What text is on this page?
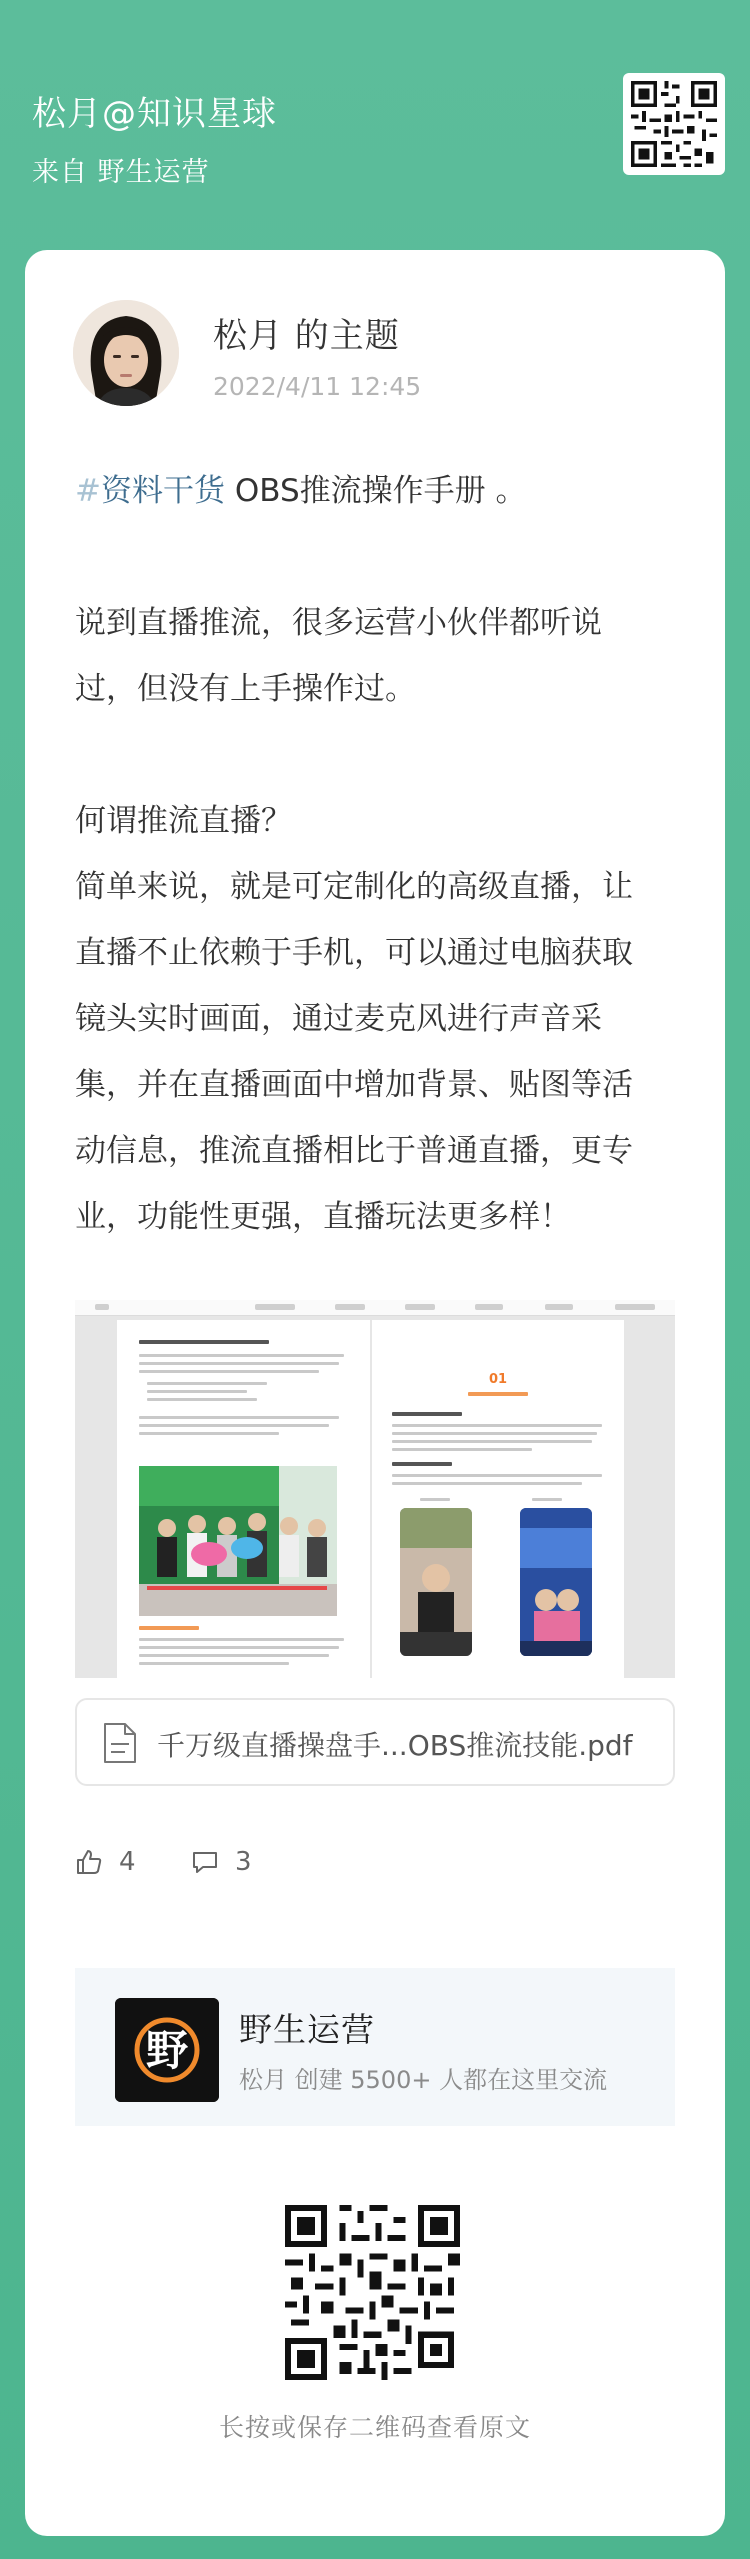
松月@知识星球
来自 野生运营
松月 的主题
2022/4/11 12:45

#资料干货 OBS推流操作手册 。

说到直播推流，很多运营小伙伴都听说

过，但没有上手操作过。

何谓推流直播？

简单来说，就是可定制化的高级直播，让

直播不止依赖于手机，可以通过电脑获取

镜头实时画面，通过麦克风进行声音采

集，并在直播画面中增加背景、贴图等活

动信息，推流直播相比于普通直播，更专

业，功能性更强，直播玩法更多样！

01
千万级直播操盘手...OBS推流技能.pdf
4	3
野 野生运营
松月 创建 5500+ 人都在这里交流
长按或保存二维码查看原文
